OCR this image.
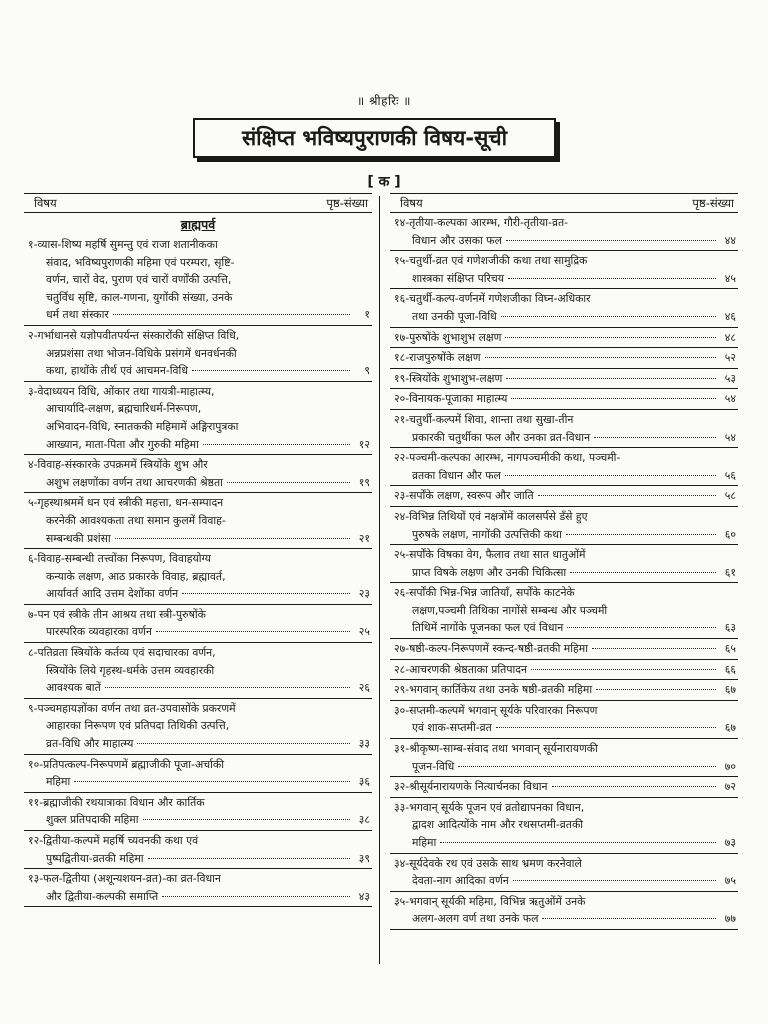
॥ श्रीहरिः ॥
संक्षिप्त भविष्यपुराणकी विषय-सूची
[ क ]
विषय	पृष्ठ-संख्या
ब्राह्मपर्व
१-व्यास-शिष्य महर्षि सुमन्तु एवं राजा शतानीकका
संवाद, भविष्यपुराणकी महिमा एवं परम्परा, सृष्टि-
वर्णन, चारों वेद, पुराण एवं चारों वर्णोंकी उत्पत्ति,
चतुर्विध सृष्टि, काल-गणना, युगोंकी संख्या, उनके
धर्म तथा संस्कार	१
२-गर्भाधानसे यज्ञोपवीतपर्यन्त संस्कारोंकी संक्षिप्त विधि,
अन्नप्रशंसा तथा भोजन-विधिके प्रसंगमें धनवर्धनकी
कथा, हाथोंके तीर्थ एवं आचमन-विधि	९
३-वेदाध्ययन विधि, ओंकार तथा गायत्री-माहात्म्य,
आचार्यादि-लक्षण, ब्रह्मचारिधर्म-निरूपण,
अभिवादन-विधि, स्नातककी महिमामें अङ्गिरापुत्रका
आख्यान, माता-पिता और गुरुकी महिमा	१२
४-विवाह-संस्कारके उपक्रममें स्त्रियोंके शुभ और
अशुभ लक्षणोंका वर्णन तथा आचरणकी श्रेष्ठता	१९
५-गृहस्थाश्रममें धन एवं स्त्रीकी महत्ता, धन-सम्पादन
करनेकी आवश्यकता तथा समान कुलमें विवाह-
सम्बन्धकी प्रशंसा	२१
६-विवाह-सम्बन्धी तत्त्वोंका निरूपण, विवाहयोग्य
कन्याके लक्षण, आठ प्रकारके विवाह, ब्रह्मावर्त,
आर्यावर्त आदि उत्तम देशोंका वर्णन	२३
७-पन एवं स्त्रीके तीन आश्रय तथा स्त्री-पुरुषोंके
पारस्परिक व्यवहारका वर्णन	२५
८-पतिव्रता स्त्रियोंके कर्तव्य एवं सदाचारका वर्णन,
स्त्रियोंके लिये गृहस्थ-धर्मके उत्तम व्यवहारकी
आवश्यक बातें	२६
९-पञ्चमहायज्ञोंका वर्णन तथा व्रत-उपवासोंके प्रकरणमें
आहारका निरूपण एवं प्रतिपदा तिथिकी उत्पत्ति,
व्रत-विधि और माहात्म्य	३३
१०-प्रतिपत्कल्प-निरूपणमें ब्रह्माजीकी पूजा-अर्चाकी
महिमा	३६
११-ब्रह्माजीकी रथयात्राका विधान और कार्तिक
शुक्ल प्रतिपदाकी महिमा	३८
१२-द्वितीया-कल्पमें महर्षि च्यवनकी कथा एवं
पुष्पद्वितीया-व्रतकी महिमा	३९
१३-फल-द्वितीया (अशून्यशयन-व्रत)-का व्रत-विधान
और द्वितीया-कल्पकी समाप्ति	४३
विषय	पृष्ठ-संख्या
१४-तृतीया-कल्पका आरम्भ, गौरी-तृतीया-व्रत-
विधान और उसका फल	४४
१५-चतुर्थी-व्रत एवं गणेशजीकी कथा तथा सामुद्रिक
शास्त्रका संक्षिप्त परिचय	४५
१६-चतुर्थी-कल्प-वर्णनमें गणेशजीका विघ्न-अधिकार
तथा उनकी पूजा-विधि	४६
१७-पुरुषोंके शुभाशुभ लक्षण	४८
१८-राजपुरुषोंके लक्षण	५२
१९-स्त्रियोंके शुभाशुभ-लक्षण	५३
२०-विनायक-पूजाका माहात्म्य	५४
२१-चतुर्थी-कल्पमें शिवा, शान्ता तथा सुखा-तीन
प्रकारकी चतुर्थीका फल और उनका व्रत-विधान	५४
२२-पञ्चमी-कल्पका आरम्भ, नागपञ्चमीकी कथा, पञ्चमी-
व्रतका विधान और फल	५६
२३-सर्पोंके लक्षण, स्वरूप और जाति	५८
२४-विभिन्न तिथियों एवं नक्षत्रोंमें कालसर्पसे डँसे हुए
पुरुषके लक्षण, नागोंकी उत्पत्तिकी कथा	६०
२५-सर्पोंके विषका वेग, फैलाव तथा सात धातुओंमें
प्राप्त विषके लक्षण और उनकी चिकित्सा	६१
२६-सर्पोंकी भिन्न-भिन्न जातियाँ, सर्पोंके काटनेके
लक्षण,पञ्चमी तिथिका नागोंसे सम्बन्ध और पञ्चमी
तिथिमें नागोंके पूजनका फल एवं विधान	६३
२७-षष्ठी-कल्प-निरूपणमें स्कन्द-षष्ठी-व्रतकी महिमा	६५
२८-आचरणकी श्रेष्ठताका प्रतिपादन	६६
२९-भगवान् कार्तिकेय तथा उनके षष्ठी-व्रतकी महिमा	६७
३०-सप्तमी-कल्पमें भगवान् सूर्यके परिवारका निरूपण
एवं शाक-सप्तमी-व्रत	६७
३१-श्रीकृष्ण-साम्ब-संवाद तथा भगवान् सूर्यनारायणकी
पूजन-विधि	७०
३२-श्रीसूर्यनारायणके नित्यार्चनका विधान	७२
३३-भगवान् सूर्यके पूजन एवं व्रतोद्यापनका विधान,
द्वादश आदित्योंके नाम और रथसप्तमी-व्रतकी
महिमा	७३
३४-सूर्यदेवके रथ एवं उसके साथ भ्रमण करनेवाले
देवता-नाग आदिका वर्णन	७५
३५-भगवान् सूर्यकी महिमा, विभिन्न ऋतुओंमें उनके
अलग-अलग वर्ण तथा उनके फल	७७
